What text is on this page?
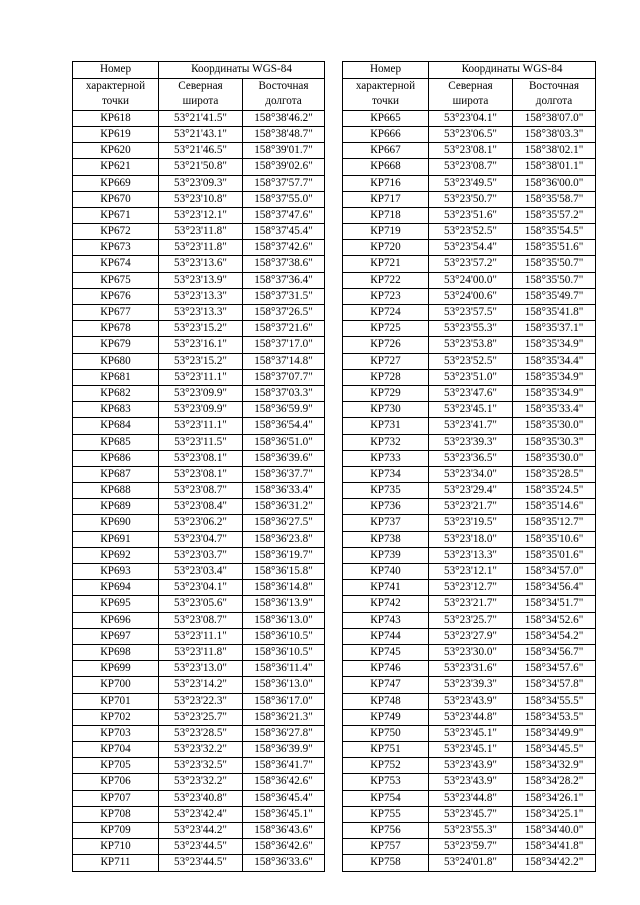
Номер	Координаты WGS-84	
характерной	Северная	Восточная
точки	широта	долгота
КР618	53°21'41.5"	158°38'46.2"
КР619	53°21'43.1"	158°38'48.7"
КР620	53°21'46.5"	158°39'01.7"
КР621	53°21'50.8"	158°39'02.6"
КР669	53°23'09.3"	158°37'57.7"
КР670	53°23'10.8"	158°37'55.0"
КР671	53°23'12.1"	158°37'47.6"
КР672	53°23'11.8"	158°37'45.4"
КР673	53°23'11.8"	158°37'42.6"
КР674	53°23'13.6"	158°37'38.6"
КР675	53°23'13.9"	158°37'36.4"
КР676	53°23'13.3"	158°37'31.5"
КР677	53°23'13.3"	158°37'26.5"
КР678	53°23'15.2"	158°37'21.6"
КР679	53°23'16.1"	158°37'17.0"
КР680	53°23'15.2"	158°37'14.8"
КР681	53°23'11.1"	158°37'07.7"
КР682	53°23'09.9"	158°37'03.3"
КР683	53°23'09.9"	158°36'59.9"
КР684	53°23'11.1"	158°36'54.4"
КР685	53°23'11.5"	158°36'51.0"
КР686	53°23'08.1"	158°36'39.6"
КР687	53°23'08.1"	158°36'37.7"
КР688	53°23'08.7"	158°36'33.4"
КР689	53°23'08.4"	158°36'31.2"
КР690	53°23'06.2"	158°36'27.5"
КР691	53°23'04.7"	158°36'23.8"
КР692	53°23'03.7"	158°36'19.7"
КР693	53°23'03.4"	158°36'15.8"
КР694	53°23'04.1"	158°36'14.8"
КР695	53°23'05.6"	158°36'13.9"
КР696	53°23'08.7"	158°36'13.0"
КР697	53°23'11.1"	158°36'10.5"
КР698	53°23'11.8"	158°36'10.5"
КР699	53°23'13.0"	158°36'11.4"
КР700	53°23'14.2"	158°36'13.0"
КР701	53°23'22.3"	158°36'17.0"
КР702	53°23'25.7"	158°36'21.3"
КР703	53°23'28.5"	158°36'27.8"
КР704	53°23'32.2"	158°36'39.9"
КР705	53°23'32.5"	158°36'41.7"
КР706	53°23'32.2"	158°36'42.6"
КР707	53°23'40.8"	158°36'45.4"
КР708	53°23'42.4"	158°36'45.1"
КР709	53°23'44.2"	158°36'43.6"
КР710	53°23'44.5"	158°36'42.6"
КР711	53°23'44.5"	158°36'33.6"
Номер	Координаты WGS-84	
характерной	Северная	Восточная
точки	широта	долгота
КР665	53°23'04.1"	158°38'07.0"
КР666	53°23'06.5"	158°38'03.3"
КР667	53°23'08.1"	158°38'02.1"
КР668	53°23'08.7"	158°38'01.1"
КР716	53°23'49.5"	158°36'00.0"
КР717	53°23'50.7"	158°35'58.7"
КР718	53°23'51.6"	158°35'57.2"
КР719	53°23'52.5"	158°35'54.5"
КР720	53°23'54.4"	158°35'51.6"
КР721	53°23'57.2"	158°35'50.7"
КР722	53°24'00.0"	158°35'50.7"
КР723	53°24'00.6"	158°35'49.7"
КР724	53°23'57.5"	158°35'41.8"
КР725	53°23'55.3"	158°35'37.1"
КР726	53°23'53.8"	158°35'34.9"
КР727	53°23'52.5"	158°35'34.4"
КР728	53°23'51.0"	158°35'34.9"
КР729	53°23'47.6"	158°35'34.9"
КР730	53°23'45.1"	158°35'33.4"
КР731	53°23'41.7"	158°35'30.0"
КР732	53°23'39.3"	158°35'30.3"
КР733	53°23'36.5"	158°35'30.0"
КР734	53°23'34.0"	158°35'28.5"
КР735	53°23'29.4"	158°35'24.5"
КР736	53°23'21.7"	158°35'14.6"
КР737	53°23'19.5"	158°35'12.7"
КР738	53°23'18.0"	158°35'10.6"
КР739	53°23'13.3"	158°35'01.6"
КР740	53°23'12.1"	158°34'57.0"
КР741	53°23'12.7"	158°34'56.4"
КР742	53°23'21.7"	158°34'51.7"
КР743	53°23'25.7"	158°34'52.6"
КР744	53°23'27.9"	158°34'54.2"
КР745	53°23'30.0"	158°34'56.7"
КР746	53°23'31.6"	158°34'57.6"
КР747	53°23'39.3"	158°34'57.8"
КР748	53°23'43.9"	158°34'55.5"
КР749	53°23'44.8"	158°34'53.5"
КР750	53°23'45.1"	158°34'49.9"
КР751	53°23'45.1"	158°34'45.5"
КР752	53°23'43.9"	158°34'32.9"
КР753	53°23'43.9"	158°34'28.2"
КР754	53°23'44.8"	158°34'26.1"
КР755	53°23'45.7"	158°34'25.1"
КР756	53°23'55.3"	158°34'40.0"
КР757	53°23'59.7"	158°34'41.8"
КР758	53°24'01.8"	158°34'42.2"
